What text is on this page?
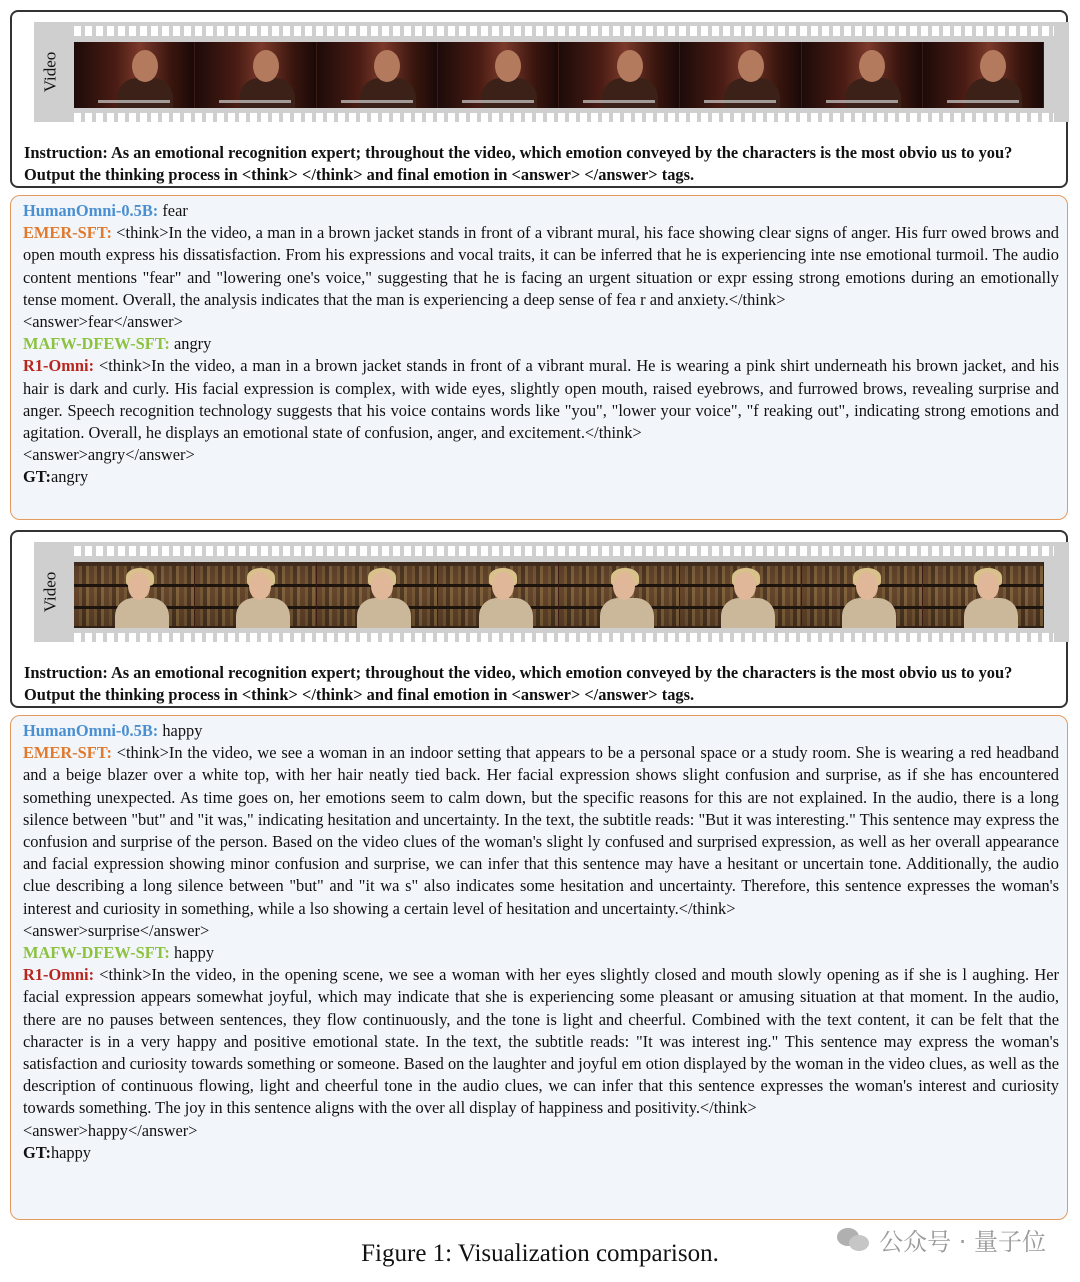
Video
Instruction: As an emotional recognition expert; throughout the video, which emotion conveyed by the characters is the most obvio us to you? Output the thinking process in <think> </think> and final emotion in <answer> </answer> tags.

HumanOmni-0.5B: fear

EMER-SFT: <think>In the video, a man in a brown jacket stands in front of a vibrant mural, his face showing clear signs of anger. His furr owed brows and open mouth express his dissatisfaction. From his expressions and vocal traits, it can be inferred that he is experiencing inte nse emotional turmoil. The audio content mentions "fear" and "lowering one's voice," suggesting that he is facing an urgent situation or expr essing strong emotions during an emotionally tense moment. Overall, the analysis indicates that the man is experiencing a deep sense of fea r and anxiety.</think>

<answer>fear</answer>

MAFW-DFEW-SFT: angry

R1-Omni: <think>In the video, a man in a brown jacket stands in front of a vibrant mural. He is wearing a pink shirt underneath his brown jacket, and his hair is dark and curly. His facial expression is complex, with wide eyes, slightly open mouth, raised eyebrows, and furrowed brows, revealing surprise and anger. Speech recognition technology suggests that his voice contains words like "you", "lower your voice", "f reaking out", indicating strong emotions and agitation. Overall, he displays an emotional state of confusion, anger, and excitement.</think>

<answer>angry</answer>

GT:angry

Video
Instruction: As an emotional recognition expert; throughout the video, which emotion conveyed by the characters is the most obvio us to you? Output the thinking process in <think> </think> and final emotion in <answer> </answer> tags.

HumanOmni-0.5B: happy

EMER-SFT: <think>In the video, we see a woman in an indoor setting that appears to be a personal space or a study room. She is wearing a red headband and a beige blazer over a white top, with her hair neatly tied back. Her facial expression shows slight confusion and surprise, as if she has encountered something unexpected. As time goes on, her emotions seem to calm down, but the specific reasons for this are not explained. In the audio, there is a long silence between "but" and "it was," indicating hesitation and uncertainty. In the text, the subtitle reads: "But it was interesting." This sentence may express the confusion and surprise of the person. Based on the video clues of the woman's slight ly confused and surprised expression, as well as her overall appearance and facial expression showing minor confusion and surprise, we can infer that this sentence may have a hesitant or uncertain tone. Additionally, the audio clue describing a long silence between "but" and "it wa s" also indicates some hesitation and uncertainty. Therefore, this sentence expresses the woman's interest and curiosity in something, while a lso showing a certain level of hesitation and uncertainty.</think>

<answer>surprise</answer>

MAFW-DFEW-SFT: happy

R1-Omni: <think>In the video, in the opening scene, we see a woman with her eyes slightly closed and mouth slowly opening as if she is l aughing. Her facial expression appears somewhat joyful, which may indicate that she is experiencing some pleasant or amusing situation at that moment. In the audio, there are no pauses between sentences, they flow continuously, and the tone is light and cheerful. Combined with the text content, it can be felt that the character is in a very happy and positive emotional state. In the text, the subtitle reads: "It was interest ing." This sentence may express the woman's satisfaction and curiosity towards something or someone. Based on the laughter and joyful em otion displayed by the woman in the video clues, as well as the description of continuous flowing, light and cheerful tone in the audio clues, we can infer that this sentence expresses the woman's interest and curiosity towards something. The joy in this sentence aligns with the over all display of happiness and positivity.</think>

<answer>happy</answer>

GT:happy

Figure 1: Visualization comparison.	公众号 · 量子位
